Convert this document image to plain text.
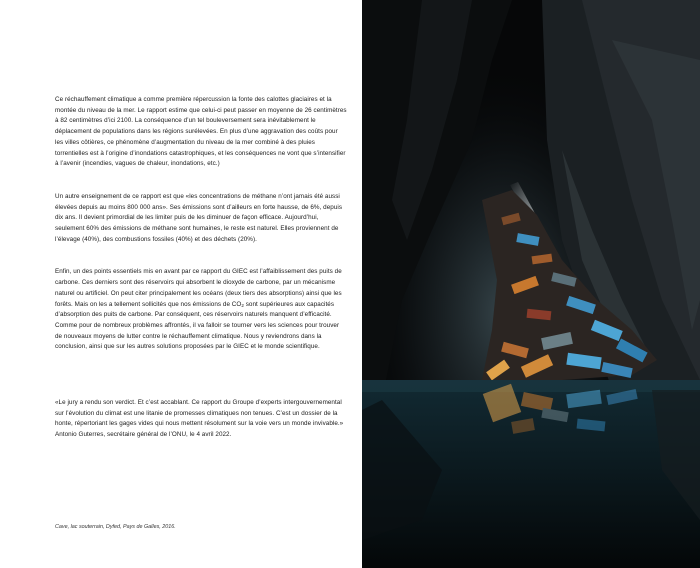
Ce réchauffement climatique a comme première répercussion la fonte des calottes glaciaires et la montée du niveau de la mer. Le rapport estime que celui-ci peut passer en moyenne de 26 centimètres à 82 centimètres d’ici 2100. La conséquence d’un tel bouleversement sera inévitablement le déplacement de populations dans les régions surélevées. En plus d’une aggravation des coûts pour les villes côtières, ce phénomène d’augmentation du niveau de la mer combiné à des pluies torrentielles est à l’origine d’inondations catastrophiques, et les conséquences ne vont que s’intensifier à l’avenir (incendies, vagues de chaleur, inondations, etc.)

Un autre enseignement de ce rapport est que «les concentrations de méthane n’ont jamais été aussi élevées depuis au moins 800 000 ans». Ses émissions sont d’ailleurs en forte hausse, de 6%, depuis dix ans. Il devient primordial de les limiter puis de les diminuer de façon efficace. Aujourd’hui, seulement 60% des émissions de méthane sont humaines, le reste est naturel. Elles proviennent de l’élevage (40%), des combustions fossiles (40%) et des déchets (20%).

Enfin, un des points essentiels mis en avant par ce rapport du GIEC est l’affaiblissement des puits de carbone. Ces derniers sont des réservoirs qui absorbent le dioxyde de carbone, par un mécanisme naturel ou artificiel. On peut citer principalement les océans (deux tiers des absorptions) ainsi que les forêts. Mais on les a tellement sollicités que nos émissions de $CO_2$ sont supérieures aux capacités d’absorption des puits de carbone. Par conséquent, ces réservoirs naturels manquent d’efficacité. Comme pour de nombreux problèmes affrontés, il va falloir se tourner vers les sciences pour trouver de nouveaux moyens de lutter contre le réchauffement climatique. Nous y reviendrons dans la conclusion, ainsi que sur les autres solutions proposées par le GIEC et le monde scientifique.

«Le jury a rendu son verdict. Et c’est accablant. Ce rapport du Groupe d’experts intergouvernemental sur l’évolution du climat est une litanie de promesses climatiques non tenues. C’est un dossier de la honte, répertoriant les gages vides qui nous mettent résolument sur la voie vers un monde invivable.»

Antonio Guterres, secrétaire général de l’ONU, le 4 avril 2022.

Cave, lac souterrain, Dyfed, Pays de Galles, 2016.
